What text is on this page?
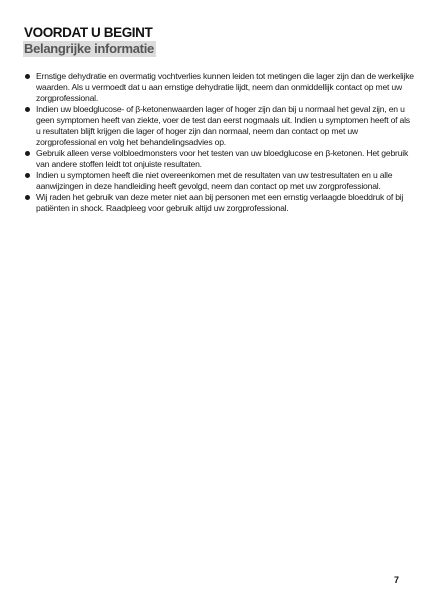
VOORDAT U BEGINT
Belangrijke informatie
Ernstige dehydratie en overmatig vochtverlies kunnen leiden tot metingen die lager zijn dan de werkelijke waarden. Als u vermoedt dat u aan ernstige dehydratie lijdt, neem dan onmiddellijk contact op met uw zorgprofessional.
Indien uw bloedglucose- of β-ketonenwaarden lager of hoger zijn dan bij u normaal het geval zijn, en u geen symptomen heeft van ziekte, voer de test dan eerst nogmaals uit. Indien u symptomen heeft of als u resultaten blijft krijgen die lager of hoger zijn dan normaal, neem dan contact op met uw zorgprofessional en volg het behandelingsadvies op.
Gebruik alleen verse volbloedmonsters voor het testen van uw bloedglucose en β-ketonen. Het gebruik van andere stoffen leidt tot onjuiste resultaten.
Indien u symptomen heeft die niet overeenkomen met de resultaten van uw testresultaten en u alle aanwijzingen in deze handleiding heeft gevolgd, neem dan contact op met uw zorgprofessional.
Wij raden het gebruik van deze meter niet aan bij personen met een ernstig verlaagde bloeddruk of bij patiënten in shock. Raadpleeg voor gebruik altijd uw zorgprofessional.
7
